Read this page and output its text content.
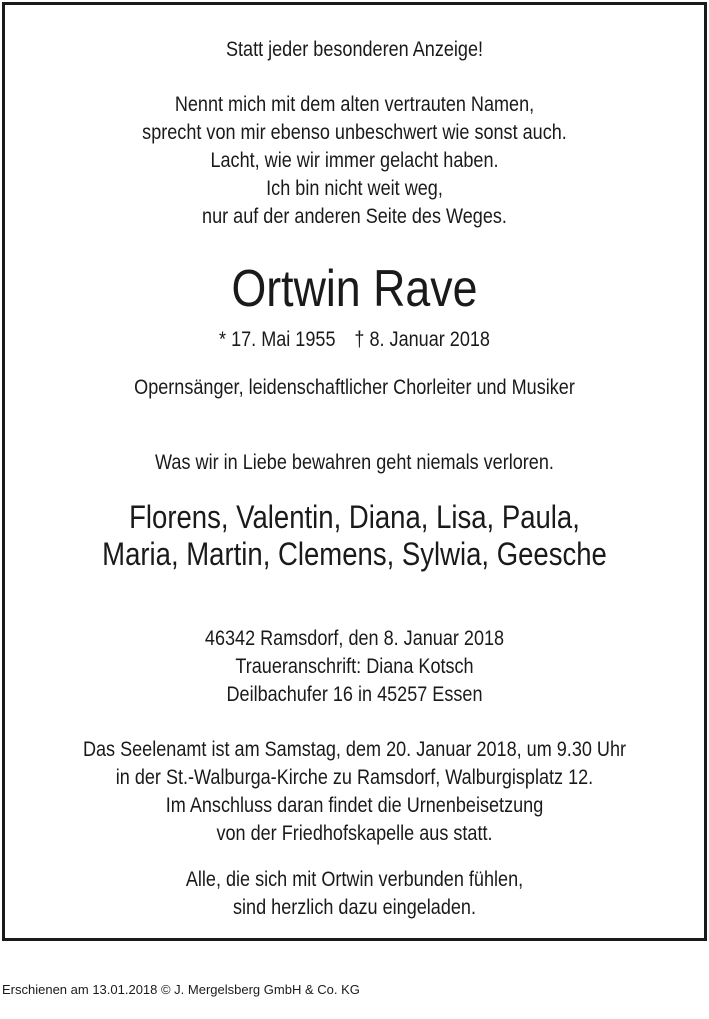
Statt jeder besonderen Anzeige!
Nennt mich mit dem alten vertrauten Namen,
sprecht von mir ebenso unbeschwert wie sonst auch.
Lacht, wie wir immer gelacht haben.
Ich bin nicht weit weg,
nur auf der anderen Seite des Weges.
Ortwin Rave
* 17. Mai 1955 † 8. Januar 2018
Opernsänger, leidenschaftlicher Chorleiter und Musiker
Was wir in Liebe bewahren geht niemals verloren.
Florens, Valentin, Diana, Lisa, Paula,
Maria, Martin, Clemens, Sylwia, Geesche
46342 Ramsdorf, den 8. Januar 2018
Traueranschrift: Diana Kotsch
Deilbachufer 16 in 45257 Essen
Das Seelenamt ist am Samstag, dem 20. Januar 2018, um 9.30 Uhr
in der St.-Walburga-Kirche zu Ramsdorf, Walburgisplatz 12.
Im Anschluss daran findet die Urnenbeisetzung
von der Friedhofskapelle aus statt.
Alle, die sich mit Ortwin verbunden fühlen,
sind herzlich dazu eingeladen.
Erschienen am 13.01.2018 © J. Mergelsberg GmbH & Co. KG
